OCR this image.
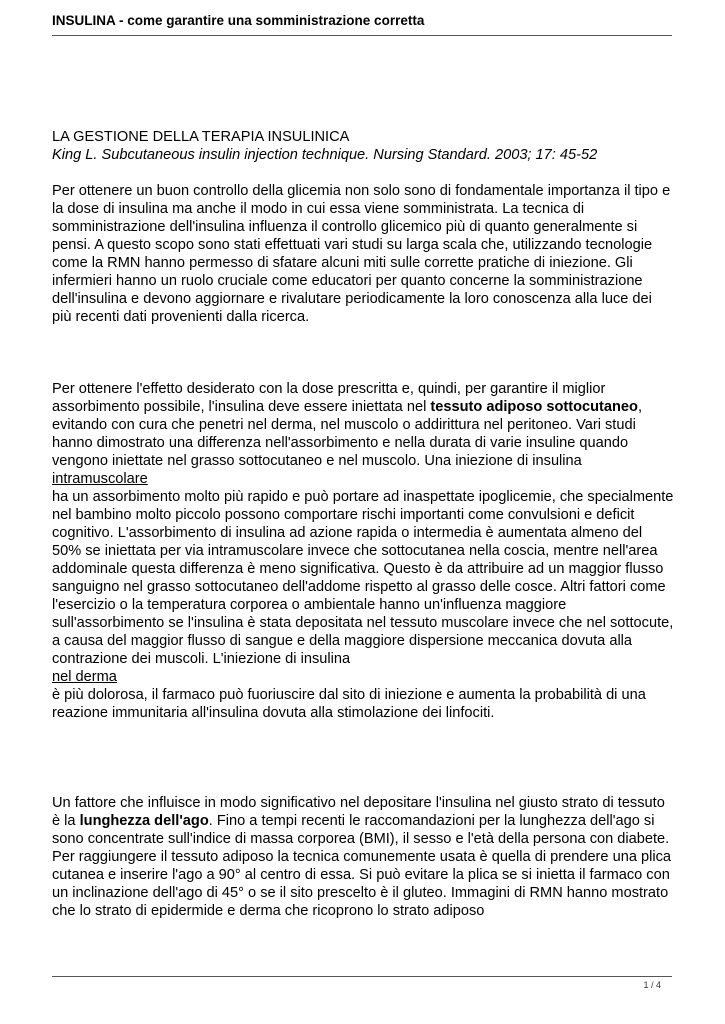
INSULINA - come garantire una somministrazione corretta

LA GESTIONE DELLA TERAPIA INSULINICA

King L. Subcutaneous insulin injection technique. Nursing Standard. 2003; 17: 45-52

Per ottenere un buon controllo della glicemia non solo sono di fondamentale importanza il tipo e la dose di insulina ma anche il modo in cui essa viene somministrata. La tecnica di somministrazione dell'insulina influenza il controllo glicemico più di quanto generalmente si pensi. A questo scopo sono stati effettuati vari studi su larga scala che, utilizzando tecnologie come la RMN hanno permesso di sfatare alcuni miti sulle corrette pratiche di iniezione. Gli infermieri hanno un ruolo cruciale come educatori per quanto concerne la somministrazione dell'insulina e devono aggiornare e rivalutare periodicamente la loro conoscenza alla luce dei più recenti dati provenienti dalla ricerca.

Per ottenere l'effetto desiderato con la dose prescritta e, quindi, per garantire il miglior assorbimento possibile, l'insulina deve essere iniettata nel tessuto adiposo sottocutaneo, evitando con cura che penetri nel derma, nel muscolo o addirittura nel peritoneo. Vari studi hanno dimostrato una differenza nell'assorbimento e nella durata di varie insuline quando vengono iniettate nel grasso sottocutaneo e nel muscolo. Una iniezione di insulina
intramuscolare
ha un assorbimento molto più rapido e può portare ad inaspettate ipoglicemie, che specialmente nel bambino molto piccolo possono comportare rischi importanti come convulsioni e deficit cognitivo. L'assorbimento di insulina ad azione rapida o intermedia è aumentata almeno del 50% se iniettata per via intramuscolare invece che sottocutanea nella coscia, mentre nell'area addominale questa differenza è meno significativa. Questo è da attribuire ad un maggior flusso sanguigno nel grasso sottocutaneo dell'addome rispetto al grasso delle cosce. Altri fattori come l'esercizio o la temperatura corporea o ambientale hanno un'influenza maggiore sull'assorbimento se l'insulina è stata depositata nel tessuto muscolare invece che nel sottocute, a causa del maggior flusso di sangue e della maggiore dispersione meccanica dovuta alla contrazione dei muscoli. L'iniezione di insulina
nel derma
è più dolorosa, il farmaco può fuoriuscire dal sito di iniezione e aumenta la probabilità di una reazione immunitaria all'insulina dovuta alla stimolazione dei linfociti.

Un fattore che influisce in modo significativo nel depositare l'insulina nel giusto strato di tessuto è la lunghezza dell'ago. Fino a tempi recenti le raccomandazioni per la lunghezza dell'ago si sono concentrate sull'indice di massa corporea (BMI), il sesso e l'età della persona con diabete. Per raggiungere il tessuto adiposo la tecnica comunemente usata è quella di prendere una plica cutanea e inserire l'ago a 90° al centro di essa. Si può evitare la plica se si inietta il farmaco con un inclinazione dell'ago di 45° o se il sito prescelto è il gluteo. Immagini di RMN hanno mostrato che lo strato di epidermide e derma che ricoprono lo strato adiposo

1 / 4
